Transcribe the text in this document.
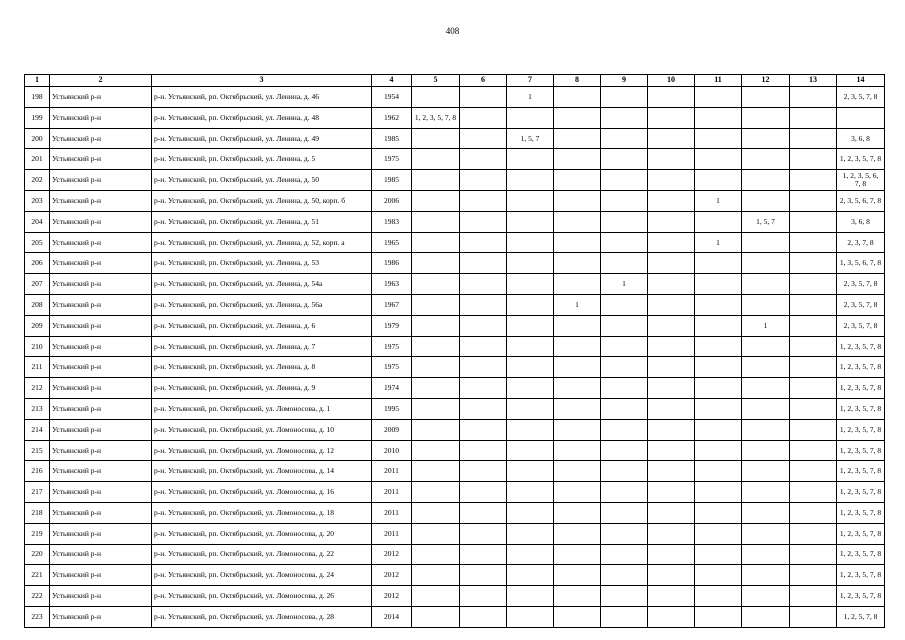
408
1	2	3	4	5	6	7	8	9	10	11	12	13	14
198	Устьянский р-н	р-н. Устьянский, рп. Октябрьский, ул. Ленина, д. 46	1954			1							2, 3, 5, 7, 8
199	Устьянский р-н	р-н. Устьянский, рп. Октябрьский, ул. Ленина, д. 48	1962	1, 2, 3, 5, 7, 8									
200	Устьянский р-н	р-н. Устьянский, рп. Октябрьский, ул. Ленина, д. 49	1985			1, 5, 7							3, 6, 8
201	Устьянский р-н	р-н. Устьянский, рп. Октябрьский, ул. Ленина, д. 5	1975										1, 2, 3, 5, 7, 8
202	Устьянский р-н	р-н. Устьянский, рп. Октябрьский, ул. Ленина, д. 50	1985										1, 2, 3, 5, 6, 7, 8
203	Устьянский р-н	р-н. Устьянский, рп. Октябрьский, ул. Ленина, д. 50, корп. б	2006							1			2, 3, 5, 6, 7, 8
204	Устьянский р-н	р-н. Устьянский, рп. Октябрьский, ул. Ленина, д. 51	1983								1, 5, 7		3, 6, 8
205	Устьянский р-н	р-н. Устьянский, рп. Октябрьский, ул. Ленина, д. 52, корп. а	1965							1			2, 3, 7, 8
206	Устьянский р-н	р-н. Устьянский, рп. Октябрьский, ул. Ленина, д. 53	1986										1, 3, 5, 6, 7, 8
207	Устьянский р-н	р-н. Устьянский, рп. Октябрьский, ул. Ленина, д. 54а	1963					1					2, 3, 5, 7, 8
208	Устьянский р-н	р-н. Устьянский, рп. Октябрьский, ул. Ленина, д. 56а	1967				1						2, 3, 5, 7, 8
209	Устьянский р-н	р-н. Устьянский, рп. Октябрьский, ул. Ленина, д. 6	1979								1		2, 3, 5, 7, 8
210	Устьянский р-н	р-н. Устьянский, рп. Октябрьский, ул. Ленина, д. 7	1975										1, 2, 3, 5, 7, 8
211	Устьянский р-н	р-н. Устьянский, рп. Октябрьский, ул. Ленина, д. 8	1975										1, 2, 3, 5, 7, 8
212	Устьянский р-н	р-н. Устьянский, рп. Октябрьский, ул. Ленина, д. 9	1974										1, 2, 3, 5, 7, 8
213	Устьянский р-н	р-н. Устьянский, рп. Октябрьский, ул. Ломоносова, д. 1	1995										1, 2, 3, 5, 7, 8
214	Устьянский р-н	р-н. Устьянский, рп. Октябрьский, ул. Ломоносова, д. 10	2009										1, 2, 3, 5, 7, 8
215	Устьянский р-н	р-н. Устьянский, рп. Октябрьский, ул. Ломоносова, д. 12	2010										1, 2, 3, 5, 7, 8
216	Устьянский р-н	р-н. Устьянский, рп. Октябрьский, ул. Ломоносова, д. 14	2011										1, 2, 3, 5, 7, 8
217	Устьянский р-н	р-н. Устьянский, рп. Октябрьский, ул. Ломоносова, д. 16	2011										1, 2, 3, 5, 7, 8
218	Устьянский р-н	р-н. Устьянский, рп. Октябрьский, ул. Ломоносова, д. 18	2011										1, 2, 3, 5, 7, 8
219	Устьянский р-н	р-н. Устьянский, рп. Октябрьский, ул. Ломоносова, д. 20	2011										1, 2, 3, 5, 7, 8
220	Устьянский р-н	р-н. Устьянский, рп. Октябрьский, ул. Ломоносова, д. 22	2012										1, 2, 3, 5, 7, 8
221	Устьянский р-н	р-н. Устьянский, рп. Октябрьский, ул. Ломоносова, д. 24	2012										1, 2, 3, 5, 7, 8
222	Устьянский р-н	р-н. Устьянский, рп. Октябрьский, ул. Ломоносова, д. 26	2012										1, 2, 3, 5, 7, 8
223	Устьянский р-н	р-н. Устьянский, рп. Октябрьский, ул. Ломоносова, д. 28	2014										1, 2, 5, 7, 8
